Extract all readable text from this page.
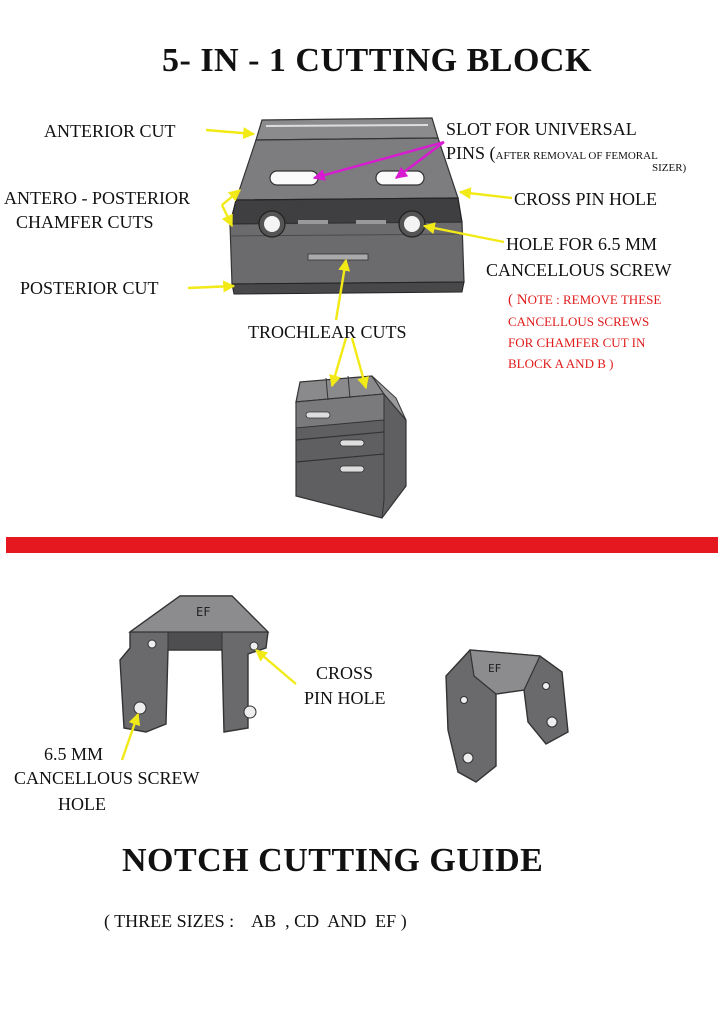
EF
EF
5- IN - 1 CUTTING BLOCK
ANTERIOR CUT
ANTERO - POSTERIOR
CHAMFER CUTS
POSTERIOR CUT
SLOT FOR UNIVERSAL
PINS (AFTER REMOVAL OF FEMORAL
SIZER)
CROSS PIN HOLE
HOLE FOR 6.5 MM
CANCELLOUS SCREW
( NOTE : REMOVE THESE
CANCELLOUS SCREWS
FOR CHAMFER CUT IN
BLOCK A AND B )
TROCHLEAR CUTS
CROSS
PIN HOLE
6.5 MM
CANCELLOUS SCREW
HOLE
NOTCH CUTTING GUIDE
( THREE SIZES :    AB  , CD  AND  EF )
